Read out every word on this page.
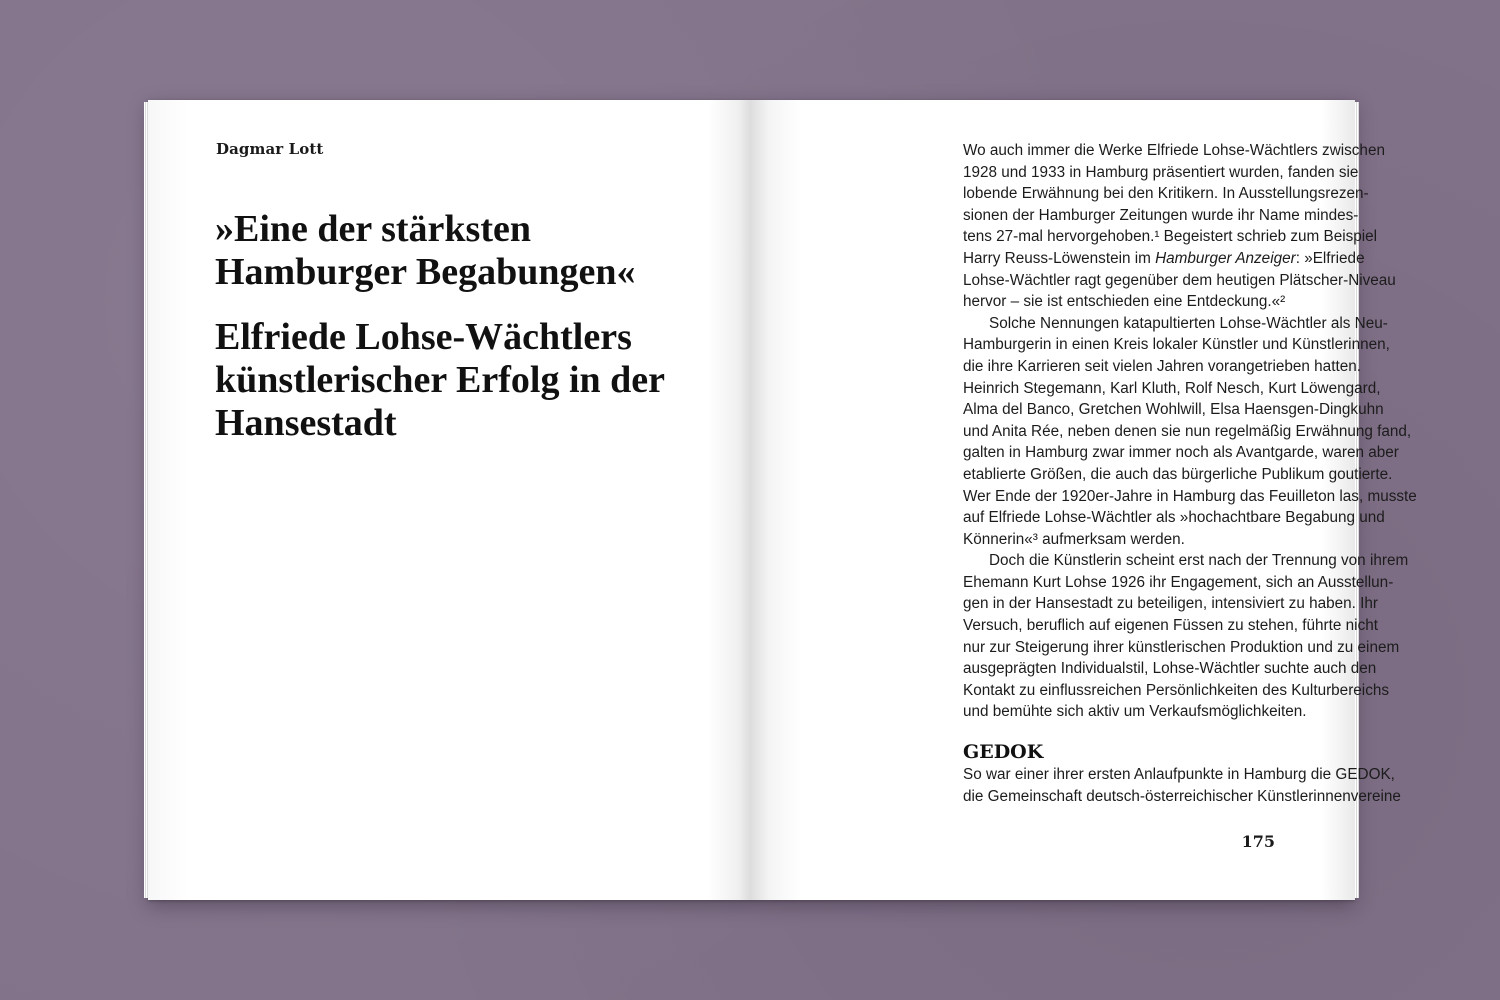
Dagmar Lott
»Eine der stärksten
Hamburger Begabungen«
Elfriede Lohse-Wächtlers
künstlerischer Erfolg in der
Hansestadt
Wo auch immer die Werke Elfriede Lohse-Wächtlers zwischen
1928 und 1933 in Hamburg präsentiert wurden, fanden sie
lobende Erwähnung bei den Kritikern. In Ausstellungsrezen-
sionen der Hamburger Zeitungen wurde ihr Name mindes-
tens 27-mal hervorgehoben.¹ Begeistert schrieb zum Beispiel
Harry Reuss-Löwenstein im Hamburger Anzeiger: »Elfriede
Lohse-Wächtler ragt gegenüber dem heutigen Plätscher-Niveau
hervor – sie ist entschieden eine Entdeckung.«²
Solche Nennungen katapultierten Lohse-Wächtler als Neu-
Hamburgerin in einen Kreis lokaler Künstler und Künstlerinnen,
die ihre Karrieren seit vielen Jahren vorangetrieben hatten.
Heinrich Stegemann, Karl Kluth, Rolf Nesch, Kurt Löwengard,
Alma del Banco, Gretchen Wohlwill, Elsa Haensgen-Dingkuhn
und Anita Rée, neben denen sie nun regelmäßig Erwähnung fand,
galten in Hamburg zwar immer noch als Avantgarde, waren aber
etablierte Größen, die auch das bürgerliche Publikum goutierte.
Wer Ende der 1920er-Jahre in Hamburg das Feuilleton las, musste
auf Elfriede Lohse-Wächtler als »hochachtbare Begabung und
Könnerin«³ aufmerksam werden.
Doch die Künstlerin scheint erst nach der Trennung von ihrem
Ehemann Kurt Lohse 1926 ihr Engagement, sich an Ausstellun-
gen in der Hansestadt zu beteiligen, intensiviert zu haben. Ihr
Versuch, beruflich auf eigenen Füssen zu stehen, führte nicht
nur zur Steigerung ihrer künstlerischen Produktion und zu einem
ausgeprägten Individualstil, Lohse-Wächtler suchte auch den
Kontakt zu einflussreichen Persönlichkeiten des Kulturbereichs
und bemühte sich aktiv um Verkaufsmöglichkeiten.
GEDOK
So war einer ihrer ersten Anlaufpunkte in Hamburg die GEDOK,
die Gemeinschaft deutsch-österreichischer Künstlerinnenvereine
175
